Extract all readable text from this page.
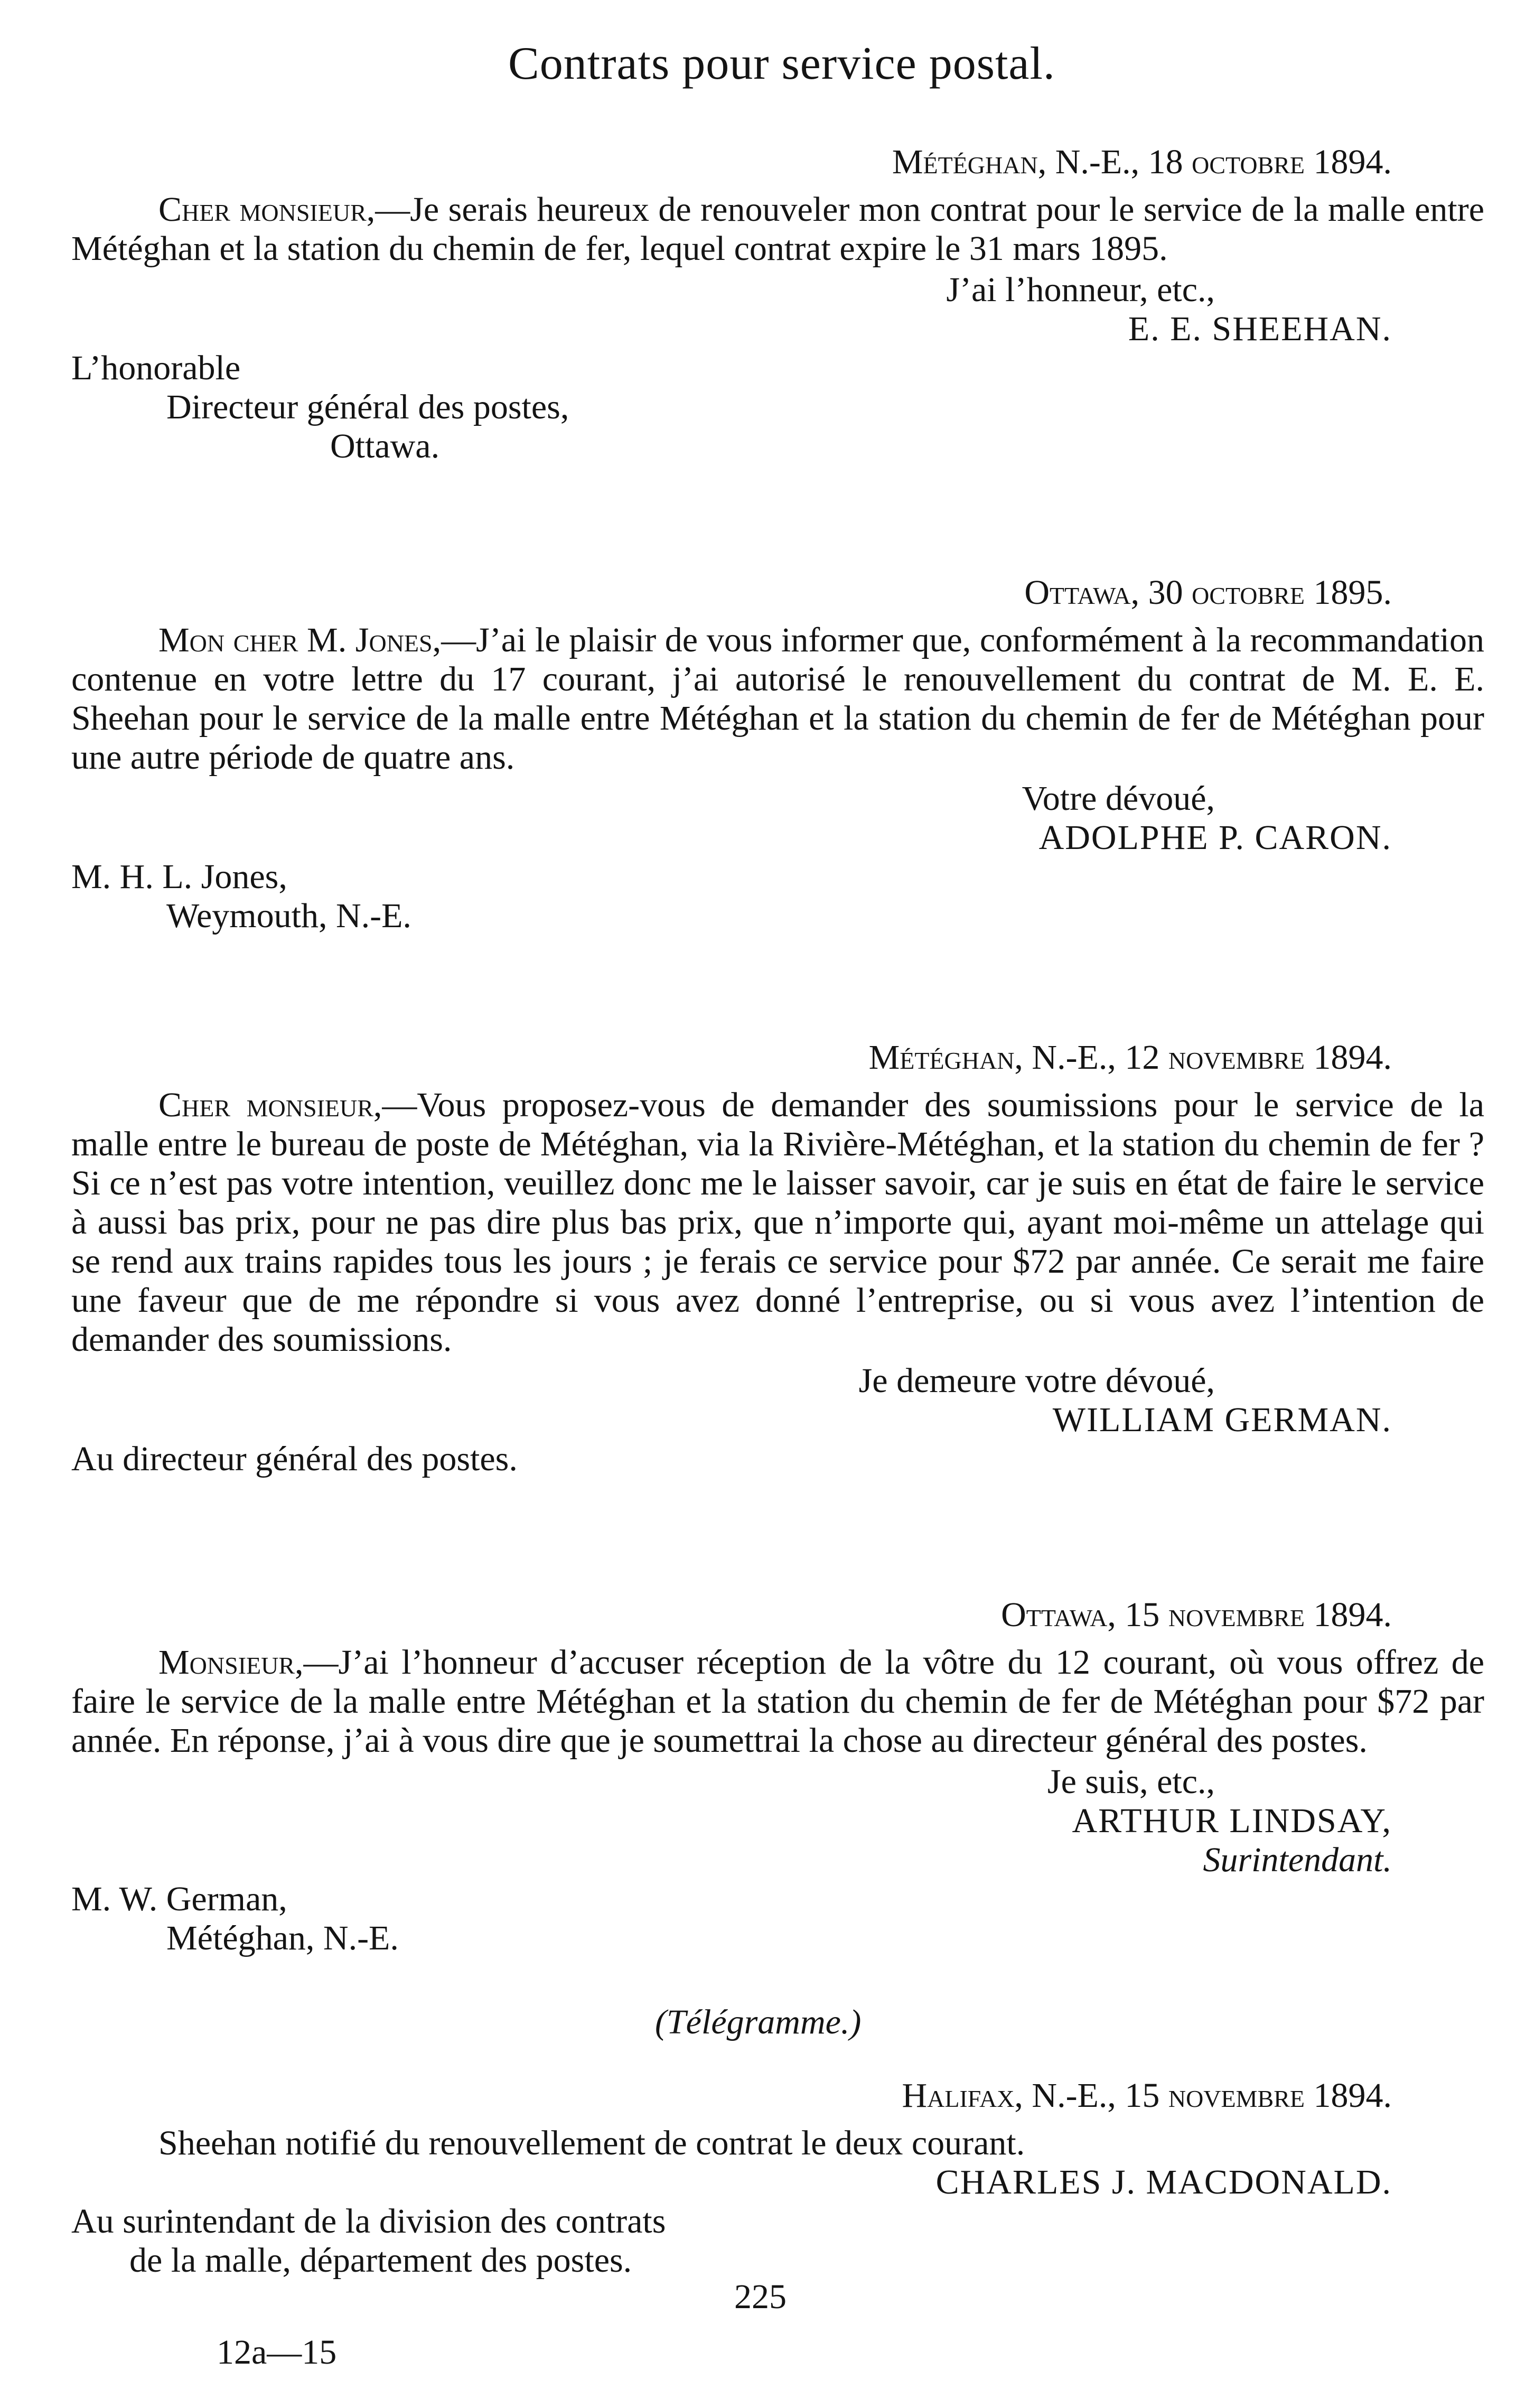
Contrats pour service postal.
Météghan, N.-E., 18 octobre 1894.

Cher monsieur,—Je serais heureux de renouveler mon contrat pour le service de la malle entre Météghan et la station du chemin de fer, lequel contrat expire le 31 mars 1895.

J’ai l’honneur, etc.,
E. E. SHEEHAN.
L’honorable
Directeur général des postes,
Ottawa.
Ottawa, 30 octobre 1895.

Mon cher M. Jones,—J’ai le plaisir de vous informer que, conformément à la recommandation contenue en votre lettre du 17 courant, j’ai autorisé le renouvellement du contrat de M. E. E. Sheehan pour le service de la malle entre Météghan et la station du chemin de fer de Météghan pour une autre période de quatre ans.

Votre dévoué,
ADOLPHE P. CARON.
M. H. L. Jones,
Weymouth, N.-E.
Météghan, N.-E., 12 novembre 1894.

Cher monsieur,—Vous proposez-vous de demander des soumissions pour le service de la malle entre le bureau de poste de Météghan, via la Rivière-Météghan, et la station du chemin de fer ? Si ce n’est pas votre intention, veuillez donc me le laisser savoir, car je suis en état de faire le service à aussi bas prix, pour ne pas dire plus bas prix, que n’importe qui, ayant moi-même un attelage qui se rend aux trains rapides tous les jours ; je ferais ce service pour $72 par année. Ce serait me faire une faveur que de me répondre si vous avez donné l’entreprise, ou si vous avez l’intention de demander des soumissions.

Je demeure votre dévoué,
WILLIAM GERMAN.
Au directeur général des postes.
Ottawa, 15 novembre 1894.

Monsieur,—J’ai l’honneur d’accuser réception de la vôtre du 12 courant, où vous offrez de faire le service de la malle entre Météghan et la station du chemin de fer de Météghan pour $72 par année. En réponse, j’ai à vous dire que je soumettrai la chose au directeur général des postes.

Je suis, etc.,
ARTHUR LINDSAY,
Surintendant.
M. W. German,
Météghan, N.-E.
(Télégramme.)
Halifax, N.-E., 15 novembre 1894.

Sheehan notifié du renouvellement de contrat le deux courant.

CHARLES J. MACDONALD.
Au surintendant de la division des contrats
de la malle, département des postes.
225
12a—15
